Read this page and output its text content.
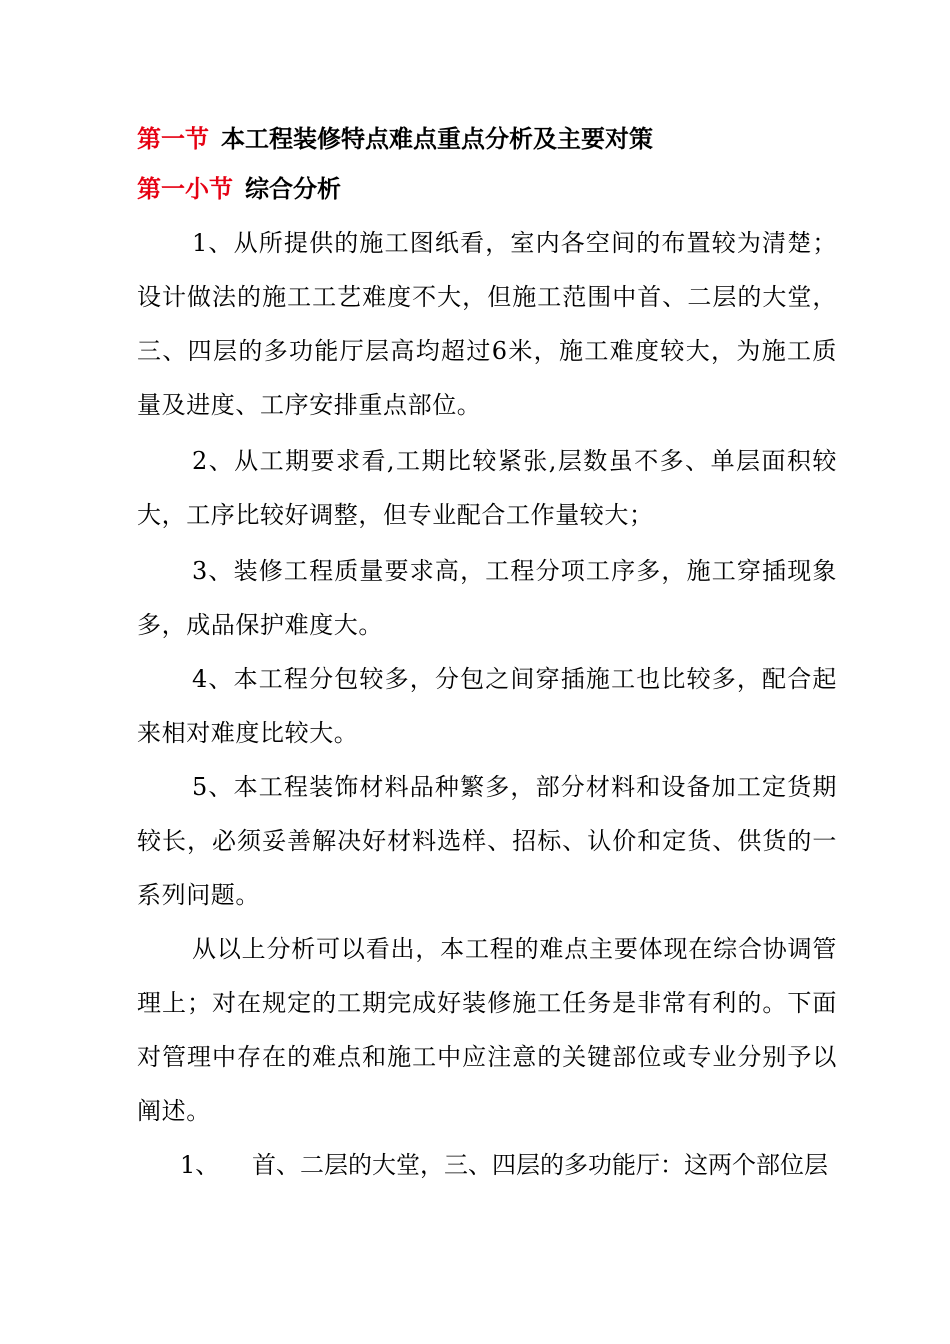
第一节 本工程装修特点难点重点分析及主要对策
第一小节 综合分析

1、从所提供的施工图纸看，室内各空间的布置较为清楚；设计做法的施工工艺难度不大，但施工范围中首、二层的大堂，三、四层的多功能厅层高均超过6米，施工难度较大，为施工质量及进度、工序安排重点部位。

2、从工期要求看,工期比较紧张,层数虽不多、单层面积较大，工序比较好调整，但专业配合工作量较大；

3、装修工程质量要求高，工程分项工序多，施工穿插现象多，成品保护难度大。

4、本工程分包较多，分包之间穿插施工也比较多，配合起来相对难度比较大。

5、本工程装饰材料品种繁多，部分材料和设备加工定货期较长，必须妥善解决好材料选样、招标、认价和定货、供货的一系列问题。

从以上分析可以看出，本工程的难点主要体现在综合协调管理上；对在规定的工期完成好装修施工任务是非常有利的。下面对管理中存在的难点和施工中应注意的关键部位或专业分别予以阐述。

1、 首、二层的大堂，三、四层的多功能厅：这两个部位层
